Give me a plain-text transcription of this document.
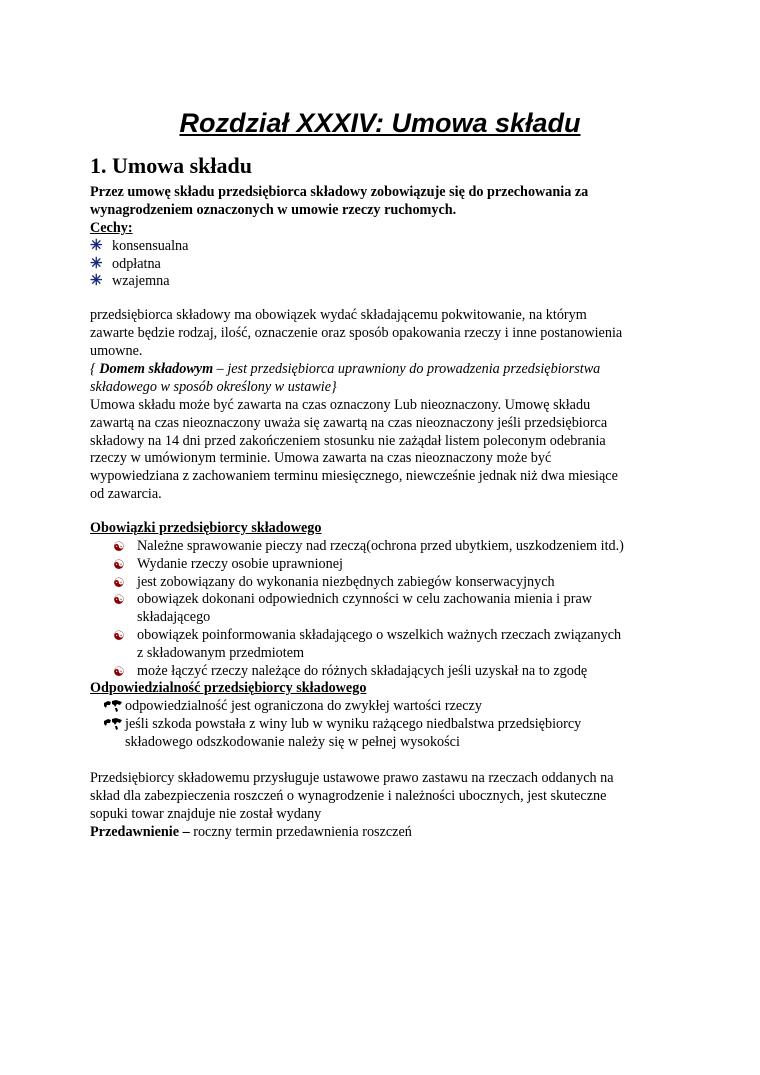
Rozdział XXXIV: Umowa składu
1. Umowa składu
Przez umowę składu przedsiębiorca składowy zobowiązuje się do przechowania za
wynagrodzeniem oznaczonych w umowie rzeczy ruchomych.
Cechy:
✳ konsensualna
✳ odpłatna
✳ wzajemna
przedsiębiorca składowy ma obowiązek wydać składającemu pokwitowanie, na którym
zawarte będzie rodzaj, ilość, oznaczenie oraz sposób opakowania rzeczy i inne postanowienia
umowne.
{ Domem składowym – jest przedsiębiorca uprawniony do prowadzenia przedsiębiorstwa
składowego w sposób określony w ustawie}
Umowa składu może być zawarta na czas oznaczony Lub nieoznaczony. Umowę składu
zawartą na czas nieoznaczony uważa się zawartą na czas nieoznaczony jeśli przedsiębiorca
składowy na 14 dni przed zakończeniem stosunku nie zażądał listem poleconym odebrania
rzeczy w umówionym terminie. Umowa zawarta na czas nieoznaczony może być
wypowiedziana z zachowaniem terminu miesięcznego, niewcześnie jednak niż dwa miesiące
od zawarcia.
Obowiązki przedsiębiorcy składowego
☯ Należne sprawowanie pieczy nad rzeczą(ochrona przed ubytkiem, uszkodzeniem itd.)
☯ Wydanie rzeczy osobie uprawnionej
☯ jest zobowiązany do wykonania niezbędnych zabiegów konserwacyjnych
☯ obowiązek dokonani odpowiednich czynności w celu zachowania mienia i praw
składającego
☯ obowiązek poinformowania składającego o wszelkich ważnych rzeczach związanych
z składowanym przedmiotem
☯ może łączyć rzeczy należące do różnych składających jeśli uzyskał na to zgodę
Odpowiedzialność przedsiębiorcy składowego
odpowiedzialność jest ograniczona do zwykłej wartości rzeczy
jeśli szkoda powstała z winy lub w wyniku rażącego niedbalstwa przedsiębiorcy
składowego odszkodowanie należy się w pełnej wysokości
Przedsiębiorcy składowemu przysługuje ustawowe prawo zastawu na rzeczach oddanych na
skład dla zabezpieczenia roszczeń o wynagrodzenie i należności ubocznych, jest skuteczne
sopuki towar znajduje nie został wydany
Przedawnienie – roczny termin przedawnienia roszczeń
